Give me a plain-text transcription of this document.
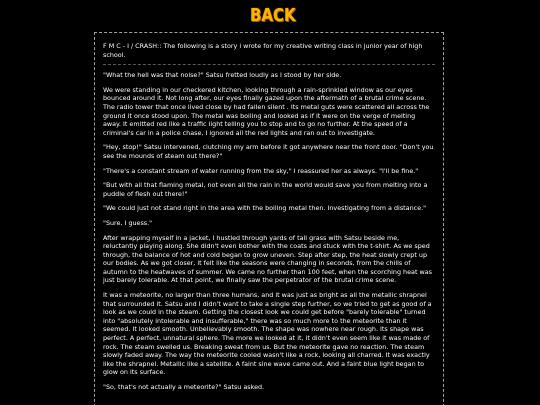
BACK

F M C - I / CRASH:: The following is a story i wrote for my creative writing class in junior year of high school.

"What the hell was that noise?" Satsu fretted loudly as I stood by her side.

We were standing in our checkered kitchen, looking through a rain-sprinkled window as our eyes bounced around it. Not long after, our eyes finally gazed upon the aftermath of a brutal crime scene. The radio tower that once lived close by had fallen silent . Its metal guts were scattered all across the ground it once stood upon. The metal was boiling and looked as if it were on the verge of melting away. It emitted red like a traffic light telling you to stop and to go no further. At the speed of a criminal's car in a police chase, I ignored all the red lights and ran out to investigate.

"Hey, stop!" Satsu intervened, clutching my arm before it got anywhere near the front door. "Don't you see the mounds of steam out there?"

"There's a constant stream of water running from the sky," I reassured her as always. "I'll be fine."

"But with all that flaming metal, not even all the rain in the world would save you from melting into a puddle of flesh out there!"

"We could just not stand right in the area with the boiling metal then. Investigating from a distance."

"Sure, I guess."

After wrapping myself in a jacket, I hustled through yards of tall grass with Satsu beside me, reluctantly playing along. She didn't even bother with the coats and stuck with the t-shirt. As we sped through, the balance of hot and cold began to grow uneven. Step after step, the heat slowly crept up our bodies. As we got closer, it felt like the seasons were changing in seconds, from the chills of autumn to the heatwaves of summer. We came no further than 100 feet, when the scorching heat was just barely tolerable. At that point, we finally saw the perpetrator of the brutal crime scene.

It was a meteorite, no larger than three humans, and it was just as bright as all the metallic shrapnel that surrounded it. Satsu and I didn't want to take a single step further, so we tried to get as good of a look as we could in the steam. Getting the closest look we could get before "barely tolerable" turned into "absolutely intolerable and insufferable," there was so much more to the meteorite than it seemed. It looked smooth. Unbelievably smooth. The shape was nowhere near rough. Its shape was perfect. A perfect, unnatural sphere. The more we looked at it, it didn't even seem like it was made of rock. The steam swelled us. Breaking sweat from us. But the meteorite gave no reaction. The steam slowly faded away. The way the meteorite cooled wasn't like a rock, looking all charred. It was exactly like the shrapnel. Metallic like a satellite. A faint sine wave came out. And a faint blue light began to glow on its surface.

"So, that's not actually a meteorite?" Satsu asked.
